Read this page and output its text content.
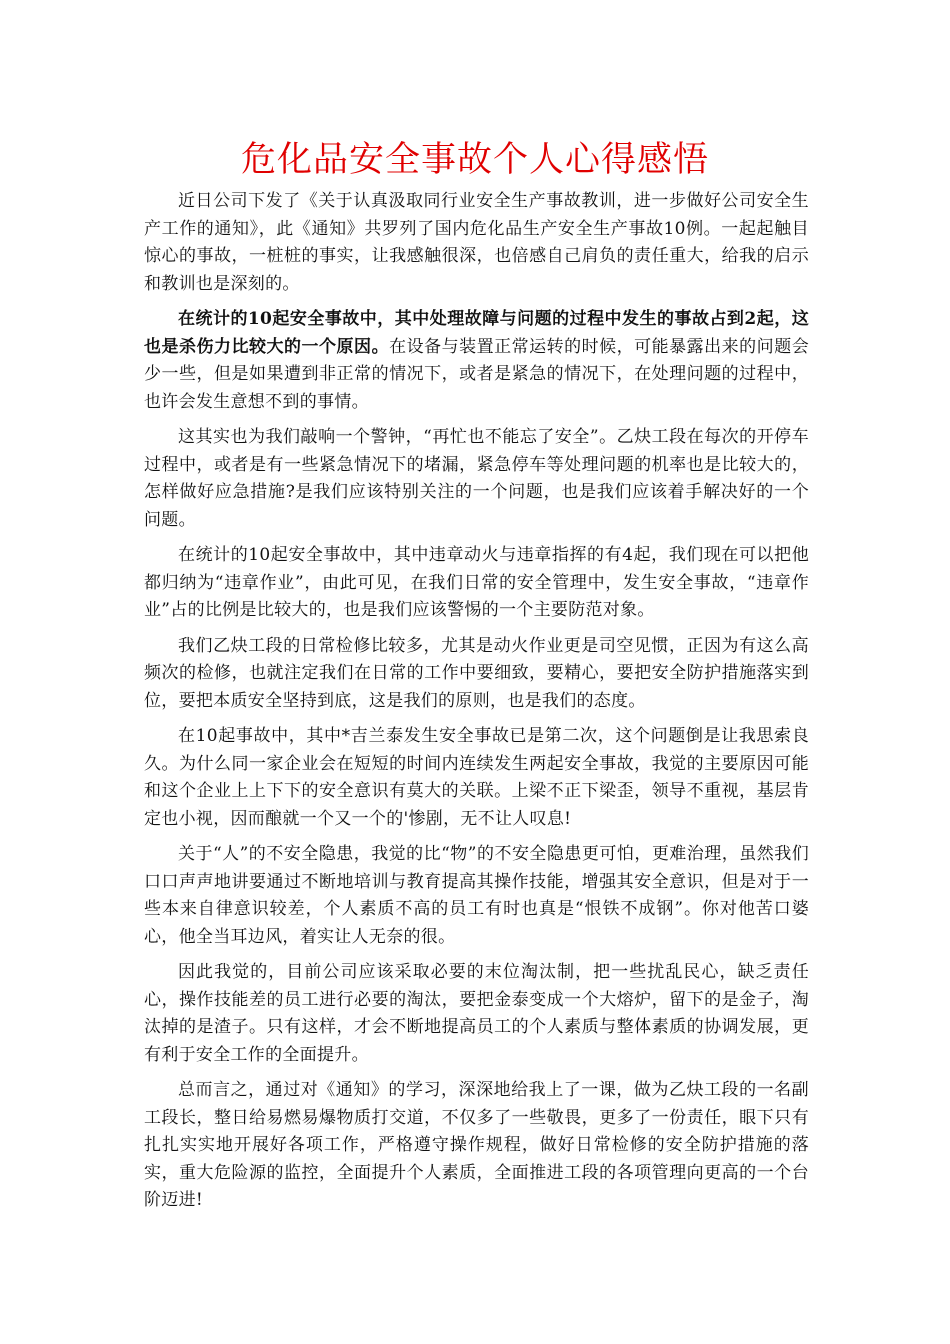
危化品安全事故个人心得感悟

近日公司下发了《关于认真汲取同行业安全生产事故教训，进一步做好公司安全生产工作的通知》，此《通知》共罗列了国内危化品生产安全生产事故10例。一起起触目惊心的事故，一桩桩的事实，让我感触很深，也倍感自己肩负的责任重大，给我的启示和教训也是深刻的。

在统计的10起安全事故中，其中处理故障与问题的过程中发生的事故占到2起，这也是杀伤力比较大的一个原因。在设备与装置正常运转的时候，可能暴露出来的问题会少一些，但是如果遭到非正常的情况下，或者是紧急的情况下，在处理问题的过程中，也许会发生意想不到的事情。

这其实也为我们敲响一个警钟，“再忙也不能忘了安全”。乙炔工段在每次的开停车过程中，或者是有一些紧急情况下的堵漏，紧急停车等处理问题的机率也是比较大的，怎样做好应急措施?是我们应该特别关注的一个问题，也是我们应该着手解决好的一个问题。

在统计的10起安全事故中，其中违章动火与违章指挥的有4起，我们现在可以把他都归纳为“违章作业”，由此可见，在我们日常的安全管理中，发生安全事故，“违章作业”占的比例是比较大的，也是我们应该警惕的一个主要防范对象。

我们乙炔工段的日常检修比较多，尤其是动火作业更是司空见惯，正因为有这么高频次的检修，也就注定我们在日常的工作中要细致，要精心，要把安全防护措施落实到位，要把本质安全坚持到底，这是我们的原则，也是我们的态度。

在10起事故中，其中*吉兰泰发生安全事故已是第二次，这个问题倒是让我思索良久。为什么同一家企业会在短短的时间内连续发生两起安全事故，我觉的主要原因可能和这个企业上上下下的安全意识有莫大的关联。上梁不正下梁歪，领导不重视，基层肯定也小视，因而酿就一个又一个的'惨剧，无不让人叹息!

关于“人”的不安全隐患，我觉的比“物”的不安全隐患更可怕，更难治理，虽然我们口口声声地讲要通过不断地培训与教育提高其操作技能，增强其安全意识，但是对于一些本来自律意识较差，个人素质不高的员工有时也真是“恨铁不成钢”。你对他苦口婆心，他全当耳边风，着实让人无奈的很。

因此我觉的，目前公司应该采取必要的末位淘汰制，把一些扰乱民心，缺乏责任心，操作技能差的员工进行必要的淘汰，要把金泰变成一个大熔炉，留下的是金子，淘汰掉的是渣子。只有这样，才会不断地提高员工的个人素质与整体素质的协调发展，更有利于安全工作的全面提升。

总而言之，通过对《通知》的学习，深深地给我上了一课，做为乙炔工段的一名副工段长，整日给易燃易爆物质打交道，不仅多了一些敬畏，更多了一份责任，眼下只有扎扎实实地开展好各项工作，严格遵守操作规程，做好日常检修的安全防护措施的落实，重大危险源的监控，全面提升个人素质，全面推进工段的各项管理向更高的一个台阶迈进!
